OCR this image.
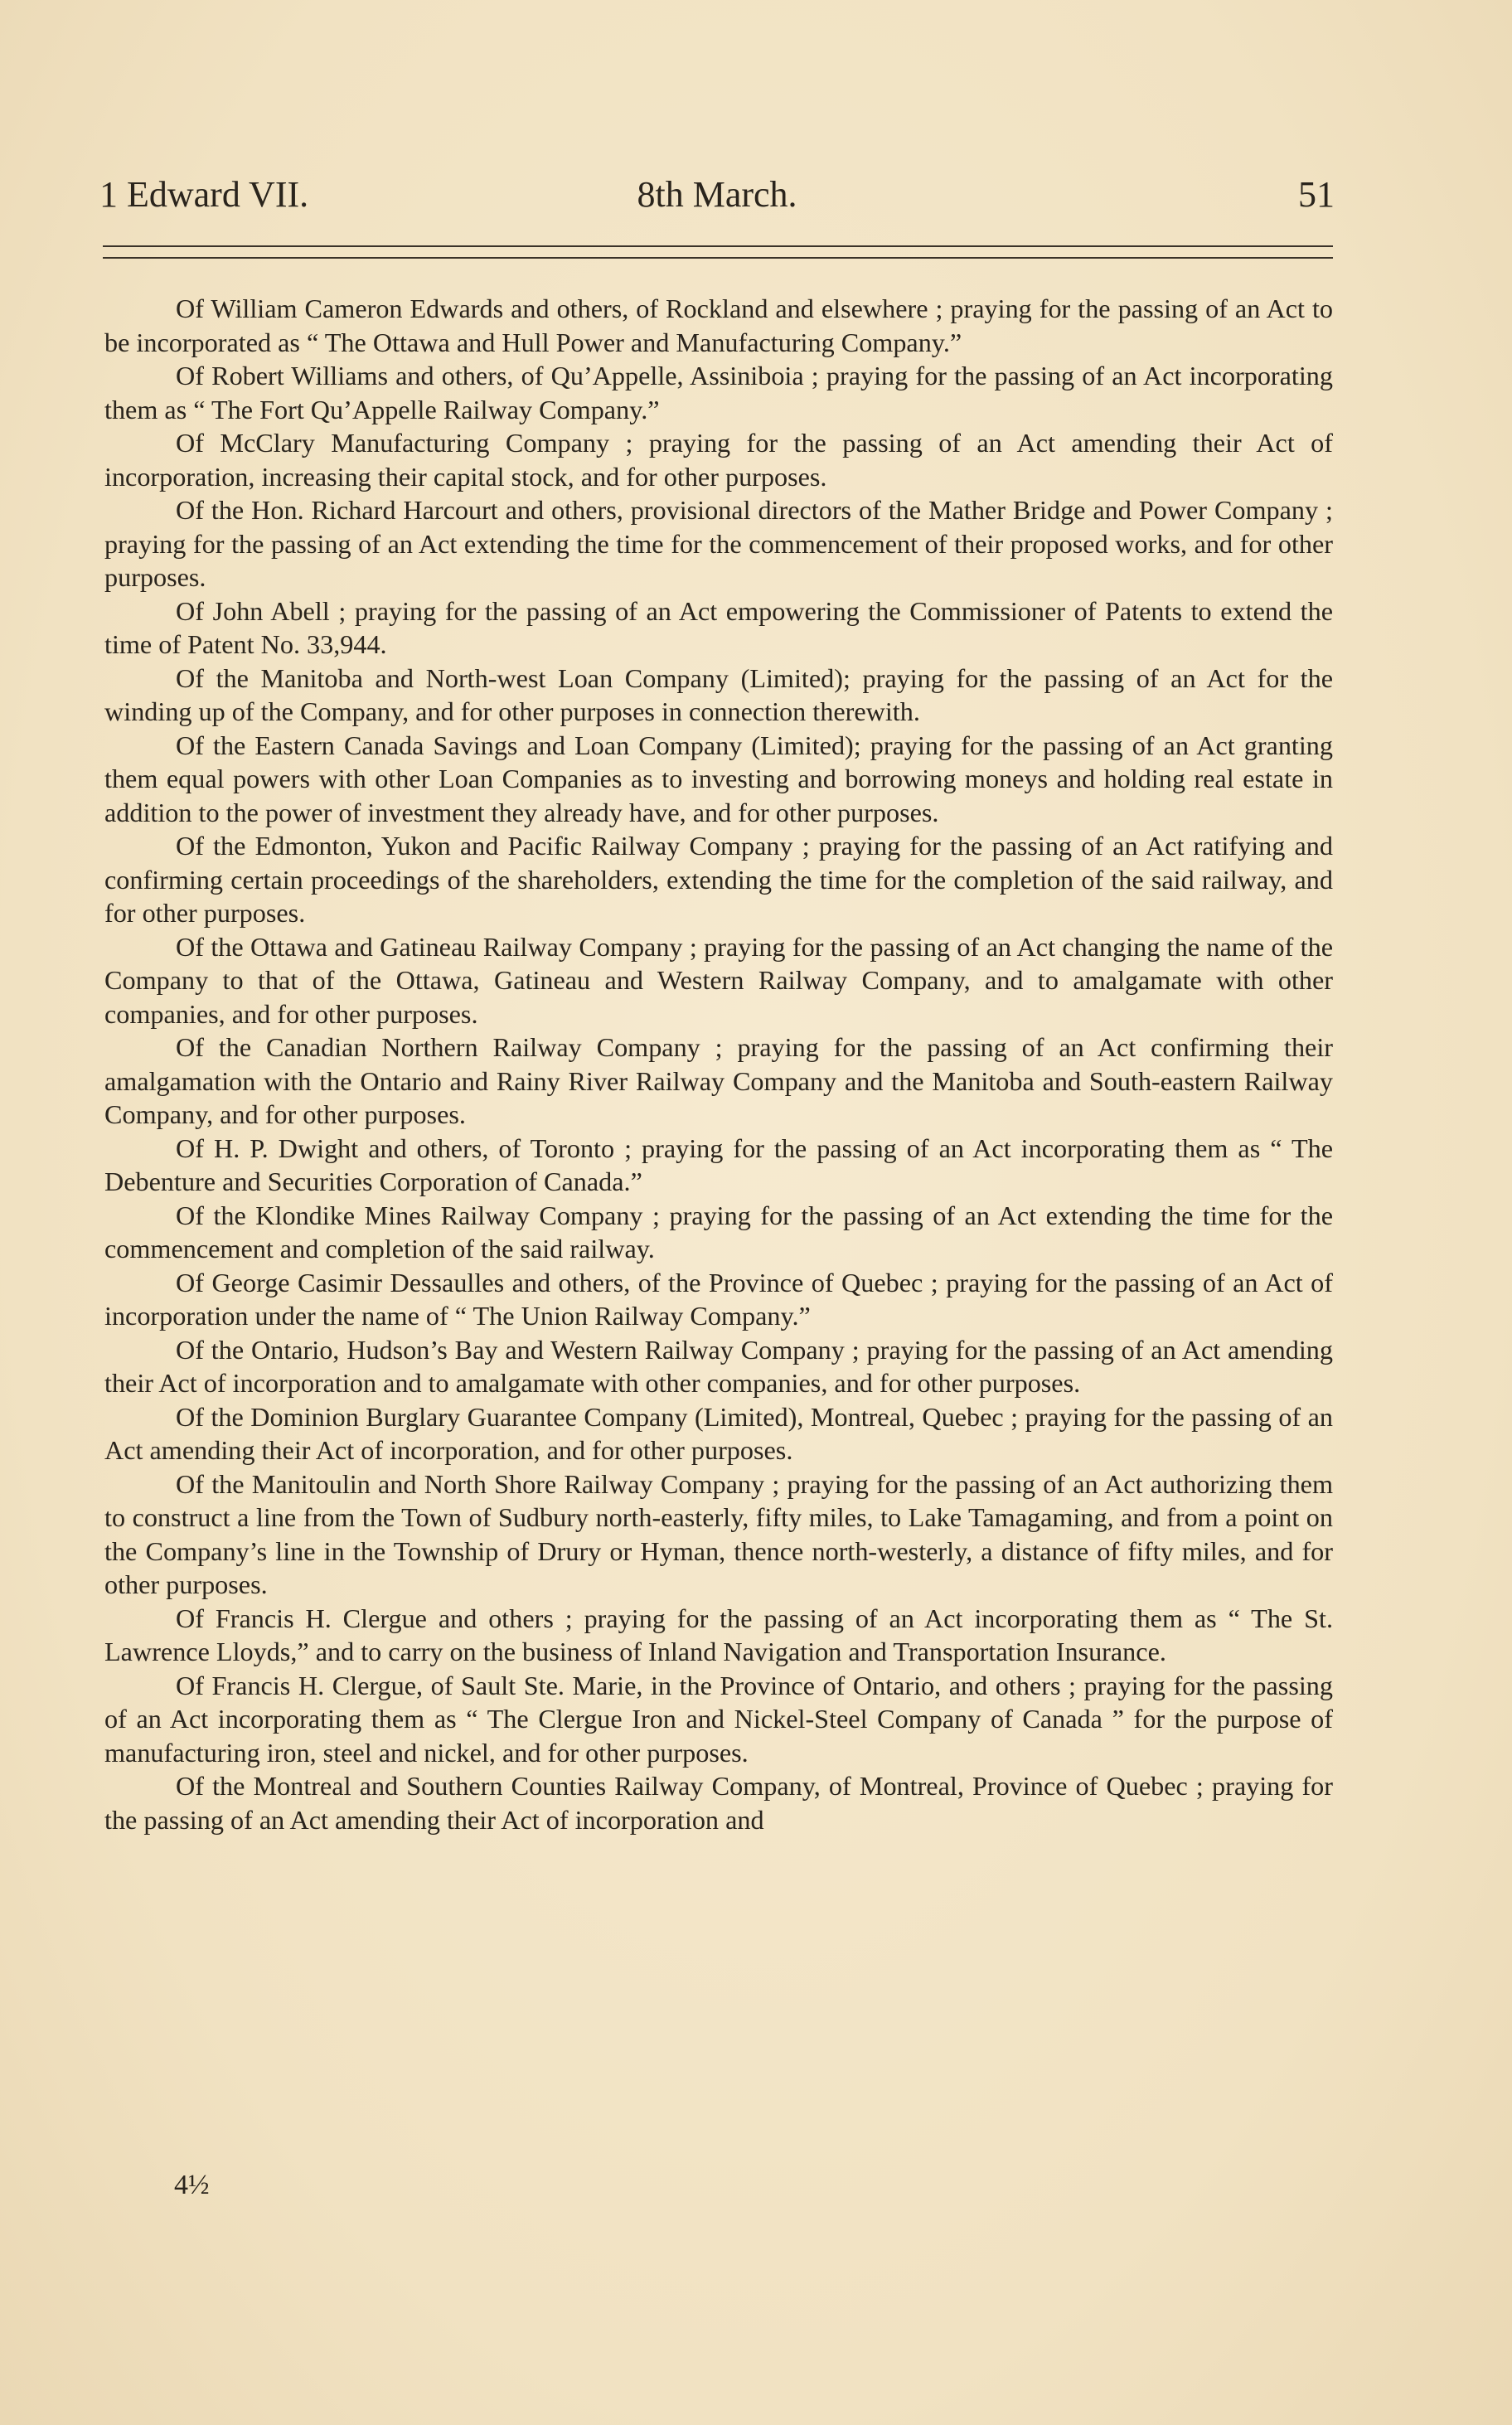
1 Edward VII.	8th March.	51

Of William Cameron Edwards and others, of Rockland and elsewhere ; praying for the passing of an Act to be incorporated as “ The Ottawa and Hull Power and Manufacturing Company.”

Of Robert Williams and others, of Qu’Appelle, Assiniboia ; praying for the passing of an Act incorporating them as “ The Fort Qu’Appelle Railway Company.”

Of McClary Manufacturing Company ; praying for the passing of an Act amending their Act of incorporation, increasing their capital stock, and for other purposes.

Of the Hon. Richard Harcourt and others, provisional directors of the Mather Bridge and Power Company ; praying for the passing of an Act extending the time for the commencement of their proposed works, and for other purposes.

Of John Abell ; praying for the passing of an Act empowering the Commissioner of Patents to extend the time of Patent No. 33,944.

Of the Manitoba and North-west Loan Company (Limited); praying for the passing of an Act for the winding up of the Company, and for other purposes in connection therewith.

Of the Eastern Canada Savings and Loan Company (Limited); praying for the passing of an Act granting them equal powers with other Loan Companies as to investing and borrowing moneys and holding real estate in addition to the power of investment they already have, and for other purposes.

Of the Edmonton, Yukon and Pacific Railway Company ; praying for the passing of an Act ratifying and confirming certain proceedings of the shareholders, extending the time for the completion of the said railway, and for other purposes.

Of the Ottawa and Gatineau Railway Company ; praying for the passing of an Act changing the name of the Company to that of the Ottawa, Gatineau and Western Railway Company, and to amalgamate with other companies, and for other purposes.

Of the Canadian Northern Railway Company ; praying for the passing of an Act confirming their amalgamation with the Ontario and Rainy River Railway Company and the Manitoba and South-eastern Railway Company, and for other purposes.

Of H. P. Dwight and others, of Toronto ; praying for the passing of an Act incorporating them as “ The Debenture and Securities Corporation of Canada.”

Of the Klondike Mines Railway Company ; praying for the passing of an Act extending the time for the commencement and completion of the said railway.

Of George Casimir Dessaulles and others, of the Province of Quebec ; praying for the passing of an Act of incorporation under the name of “ The Union Railway Company.”

Of the Ontario, Hudson’s Bay and Western Railway Company ; praying for the passing of an Act amending their Act of incorporation and to amalgamate with other companies, and for other purposes.

Of the Dominion Burglary Guarantee Company (Limited), Montreal, Quebec ; praying for the passing of an Act amending their Act of incorporation, and for other purposes.

Of the Manitoulin and North Shore Railway Company ; praying for the passing of an Act authorizing them to construct a line from the Town of Sudbury north-easterly, fifty miles, to Lake Tamagaming, and from a point on the Company’s line in the Township of Drury or Hyman, thence north-westerly, a distance of fifty miles, and for other purposes.

Of Francis H. Clergue and others ; praying for the passing of an Act incorporating them as “ The St. Lawrence Lloyds,” and to carry on the business of Inland Navigation and Transportation Insurance.

Of Francis H. Clergue, of Sault Ste. Marie, in the Province of Ontario, and others ; praying for the passing of an Act incorporating them as “ The Clergue Iron and Nickel-Steel Company of Canada ” for the purpose of manufacturing iron, steel and nickel, and for other purposes.

Of the Montreal and Southern Counties Railway Company, of Montreal, Province of Quebec ; praying for the passing of an Act amending their Act of incorporation and

4½
